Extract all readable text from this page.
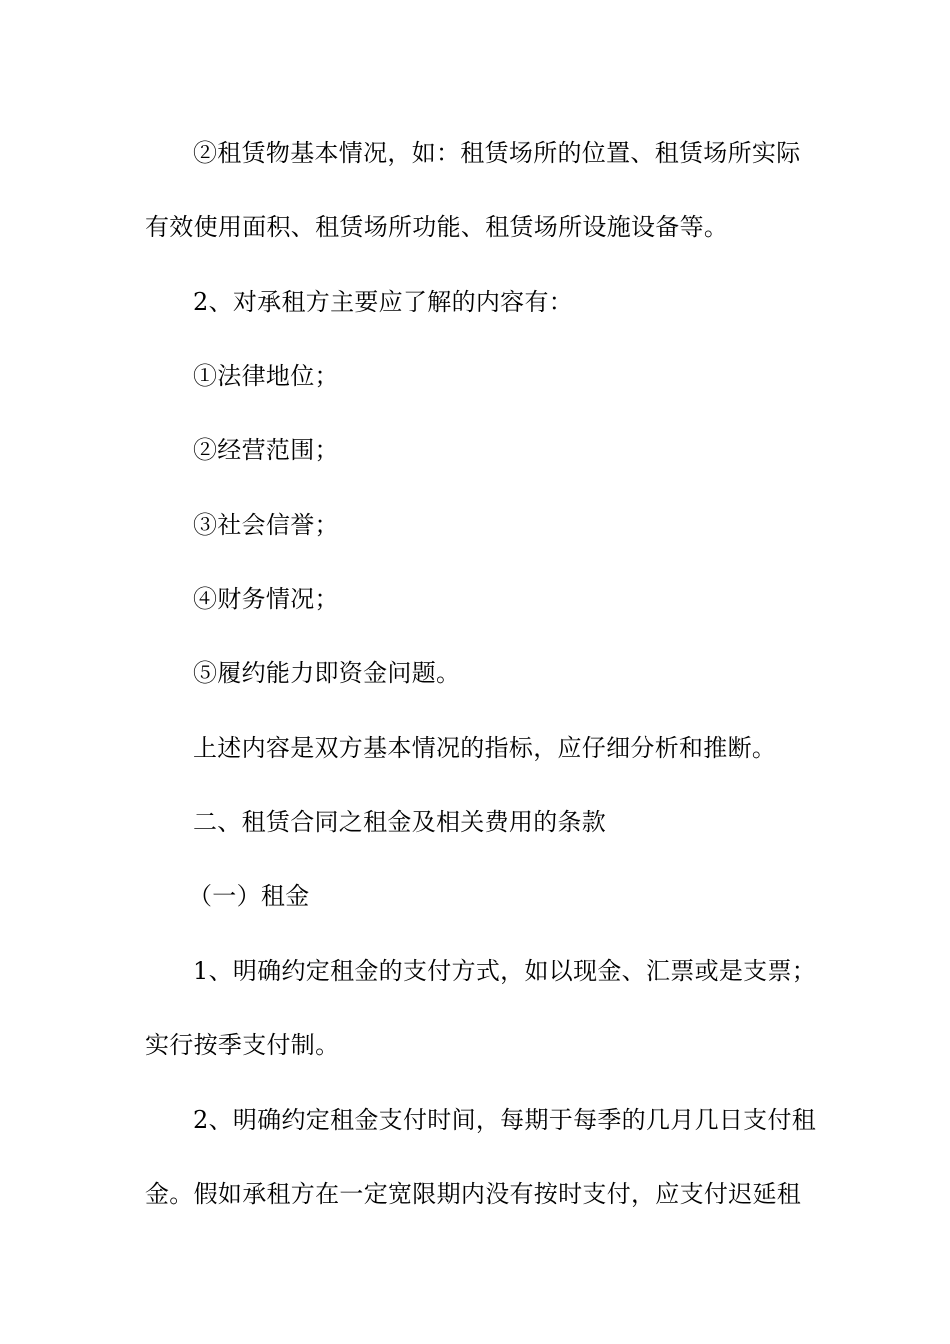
②租赁物基本情况，如：租赁场所的位置、租赁场所实际
有效使用面积、租赁场所功能、租赁场所设施设备等。
2、对承租方主要应了解的内容有：
①法律地位；
②经营范围；
③社会信誉；
④财务情况；
⑤履约能力即资金问题。
上述内容是双方基本情况的指标，应仔细分析和推断。
二、租赁合同之租金及相关费用的条款
（一）租金
1、明确约定租金的支付方式，如以现金、汇票或是支票；
实行按季支付制。
2、明确约定租金支付时间，每期于每季的几月几日支付租
金。假如承租方在一定宽限期内没有按时支付，应支付迟延租
